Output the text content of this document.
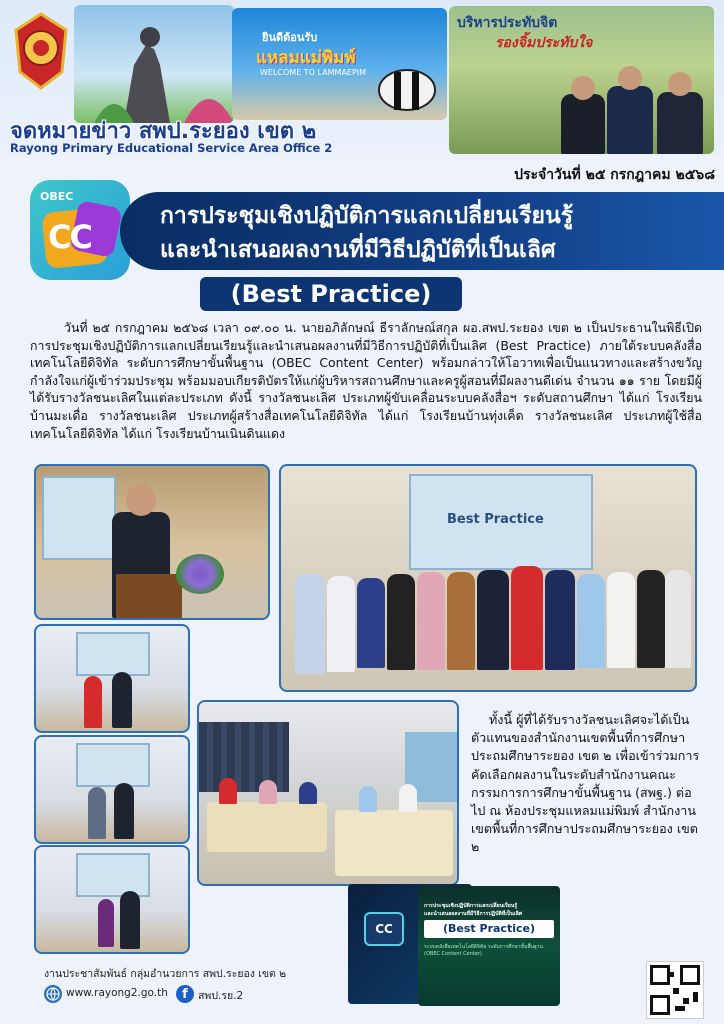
ยินดีต้อนรับ
แหลมแม่พิมพ์
WELCOME TO LAMMAEPIM
บริหารประทับจิต
รองจิ้มประทับใจ
จดหมายข่าว สพป.ระยอง เขต ๒
Rayong Primary Educational Service Area Office 2
ประจำวันที่ ๒๕ กรกฎาคม ๒๕๖๘
OBEC
CC
การประชุมเชิงปฏิบัติการแลกเปลี่ยนเรียนรู้
และนำเสนอผลงานที่มีวิธีปฏิบัติที่เป็นเลิศ
(Best Practice)
วันที่ ๒๕ กรกฎาคม ๒๕๖๘ เวลา ๐๙.๐๐ น. นายอภิลักษณ์ ธีราลักษณ์สกุล ผอ.สพป.ระยอง เขต ๒ เป็นประธานในพิธีเปิดการประชุมเชิงปฏิบัติการแลกเปลี่ยนเรียนรู้และนำเสนอผลงานที่มีวิธีการปฏิบัติที่เป็นเลิศ (Best Practice) ภายใต้ระบบคลังสื่อเทคโนโลยีดิจิทัล ระดับการศึกษาขั้นพื้นฐาน (OBEC Content Center) พร้อมกล่าวให้โอวาทเพื่อเป็นแนวทางและสร้างขวัญกำลังใจแก่ผู้เข้าร่วมประชุม พร้อมมอบเกียรติบัตรให้แก่ผู้บริหารสถานศึกษาและครูผู้สอนที่มีผลงานดีเด่น จำนวน ๑๑ ราย โดยมีผู้ได้รับรางวัลชนะเลิศในแต่ละประเภท ดังนี้ รางวัลชนะเลิศ ประเภทผู้ขับเคลื่อนระบบคลังสื่อฯ ระดับสถานศึกษา ได้แก่ โรงเรียนบ้านมะเดื่อ รางวัลชนะเลิศ ประเภทผู้สร้างสื่อเทคโนโลยีดิจิทัล ได้แก่ โรงเรียนบ้านทุ่งเค็ด รางวัลชนะเลิศ ประเภทผู้ใช้สื่อเทคโนโลยีดิจิทัล ได้แก่ โรงเรียนบ้านเนินดินแดง
Best Practice
ทั้งนี้ ผู้ที่ได้รับรางวัลชนะเลิศจะได้เป็นตัวแทนของสำนักงานเขตพื้นที่การศึกษาประถมศึกษาระยอง เขต ๒ เพื่อเข้าร่วมการคัดเลือกผลงานในระดับสำนักงานคณะกรรมการการศึกษาขั้นพื้นฐาน (สพฐ.) ต่อไป ณ ห้องประชุมแหลมแม่พิมพ์ สำนักงานเขตพื้นที่การศึกษาประถมศึกษาระยอง เขต ๒
CC
การประชุมเชิงปฏิบัติการแลกเปลี่ยนเรียนรู้
และนำเสนอผลงานที่มีวิธีการปฏิบัติที่เป็นเลิศ
(Best Practice)
ระบบคลังสื่อเทคโนโลยีดิจิทัล ระดับการศึกษาขั้นพื้นฐาน (OBEC Content Center)
งานประชาสัมพันธ์ กลุ่มอำนวยการ สพป.ระยอง เขต ๒
www.rayong2.go.th	f สพป.รย.2
